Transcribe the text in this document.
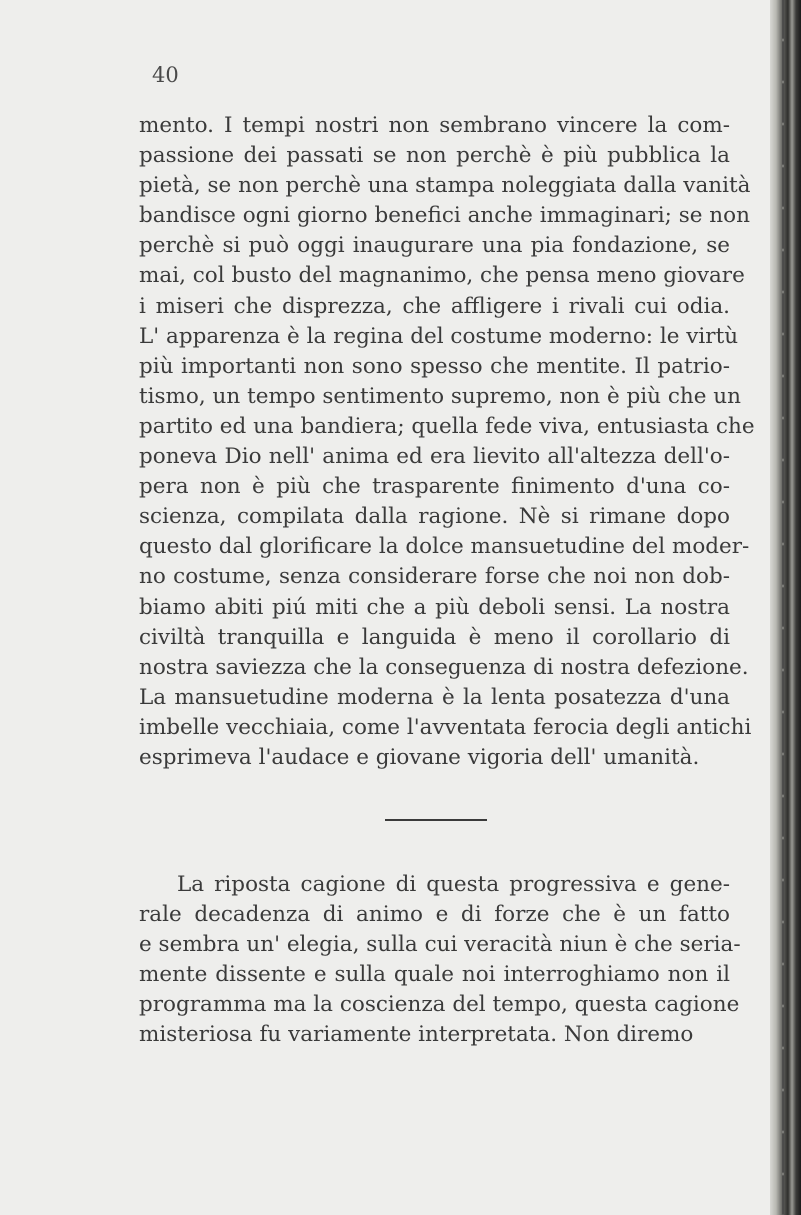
40
mento. I tempi nostri non sembrano vincere la com-
passione dei passati se non perchè è più pubblica la
pietà, se non perchè una stampa noleggiata dalla vanità
bandisce ogni giorno benefici anche immaginari; se non
perchè si può oggi inaugurare una pia fondazione, se
mai, col busto del magnanimo, che pensa meno giovare
i miseri che disprezza, che affligere i rivali cui odia.
L' apparenza è la regina del costume moderno: le virtù
più importanti non sono spesso che mentite. Il patrio-
tismo, un tempo sentimento supremo, non è più che un
partito ed una bandiera; quella fede viva, entusiasta che
poneva Dio nell' anima ed era lievito all'altezza dell'o-
pera non è più che trasparente finimento d'una co-
scienza, compilata dalla ragione. Nè si rimane dopo
questo dal glorificare la dolce mansuetudine del moder-
no costume, senza considerare forse che noi non dob-
biamo abiti piú miti che a più deboli sensi. La nostra
civiltà tranquilla e languida è meno il corollario di
nostra saviezza che la conseguenza di nostra defezione.
La mansuetudine moderna è la lenta posatezza d'una
imbelle vecchiaia, come l'avventata ferocia degli antichi
esprimeva l'audace e giovane vigoria dell' umanità.
La riposta cagione di questa progressiva e gene-
rale decadenza di animo e di forze che è un fatto
e sembra un' elegia, sulla cui veracità niun è che seria-
mente dissente e sulla quale noi interroghiamo non il
programma ma la coscienza del tempo, questa cagione
misteriosa fu variamente interpretata. Non diremo
